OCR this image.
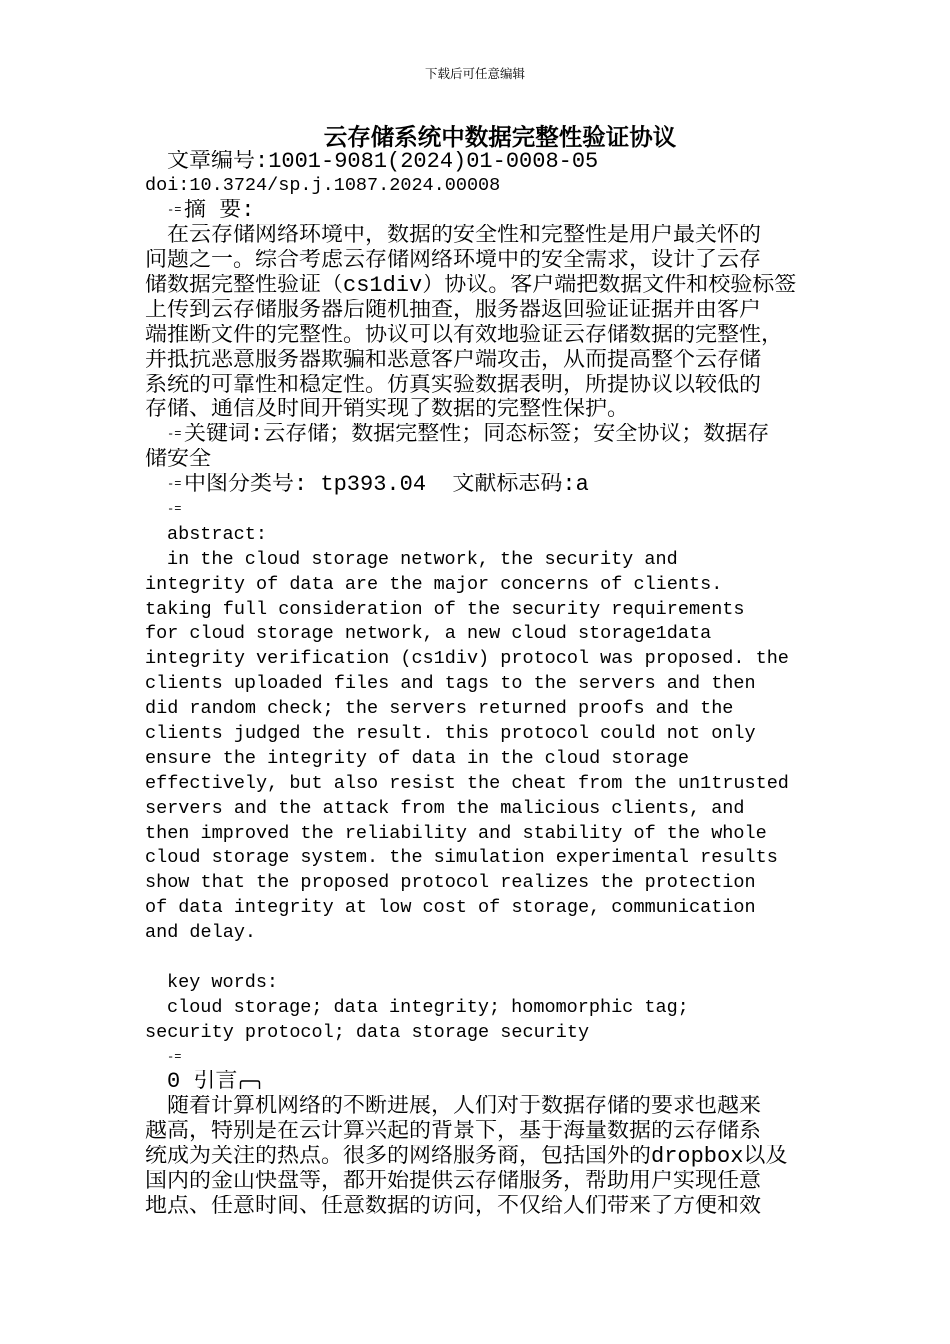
下载后可任意编辑
云存储系统中数据完整性验证协议
文章编号:1001-9081(2024)01-0008-05
doi:10.3724/sp.j.1087.2024.00008
-= 摘 要:
在云存储网络环境中，数据的安全性和完整性是用户最关怀的
问题之一。综合考虑云存储网络环境中的安全需求，设计了云存
储数据完整性验证（cs1div）协议。客户端把数据文件和校验标签
上传到云存储服务器后随机抽查，服务器返回验证证据并由客户
端推断文件的完整性。协议可以有效地验证云存储数据的完整性，
并抵抗恶意服务器欺骗和恶意客户端攻击，从而提高整个云存储
系统的可靠性和稳定性。仿真实验数据表明，所提协议以较低的
存储、通信及时间开销实现了数据的完整性保护。
-= 关键词:云存储；数据完整性；同态标签；安全协议；数据存
储安全
-= 中图分类号: tp393.04  文献标志码:a
-=
abstract:
in the cloud storage network, the security and
integrity of data are the major concerns of clients.
taking full consideration of the security requirements
for cloud storage network, a new cloud storage1data
integrity verification (cs1div) protocol was proposed. the
clients uploaded files and tags to the servers and then
did random check; the servers returned proofs and the
clients judged the result. this protocol could not only
ensure the integrity of data in the cloud storage
effectively, but also resist the cheat from the un1trusted
servers and the attack from the malicious clients, and
then improved the reliability and stability of the whole
cloud storage system. the simulation experimental results
show that the proposed protocol realizes the protection
of data integrity at low cost of storage, communication
and delay.
key words:
cloud storage; data integrity; homomorphic tag;
security protocol; data storage security
-=
0 引言
随着计算机网络的不断进展，人们对于数据存储的要求也越来
越高，特别是在云计算兴起的背景下，基于海量数据的云存储系
统成为关注的热点。很多的网络服务商，包括国外的dropbox以及
国内的金山快盘等，都开始提供云存储服务，帮助用户实现任意
地点、任意时间、任意数据的访问，不仅给人们带来了方便和效
